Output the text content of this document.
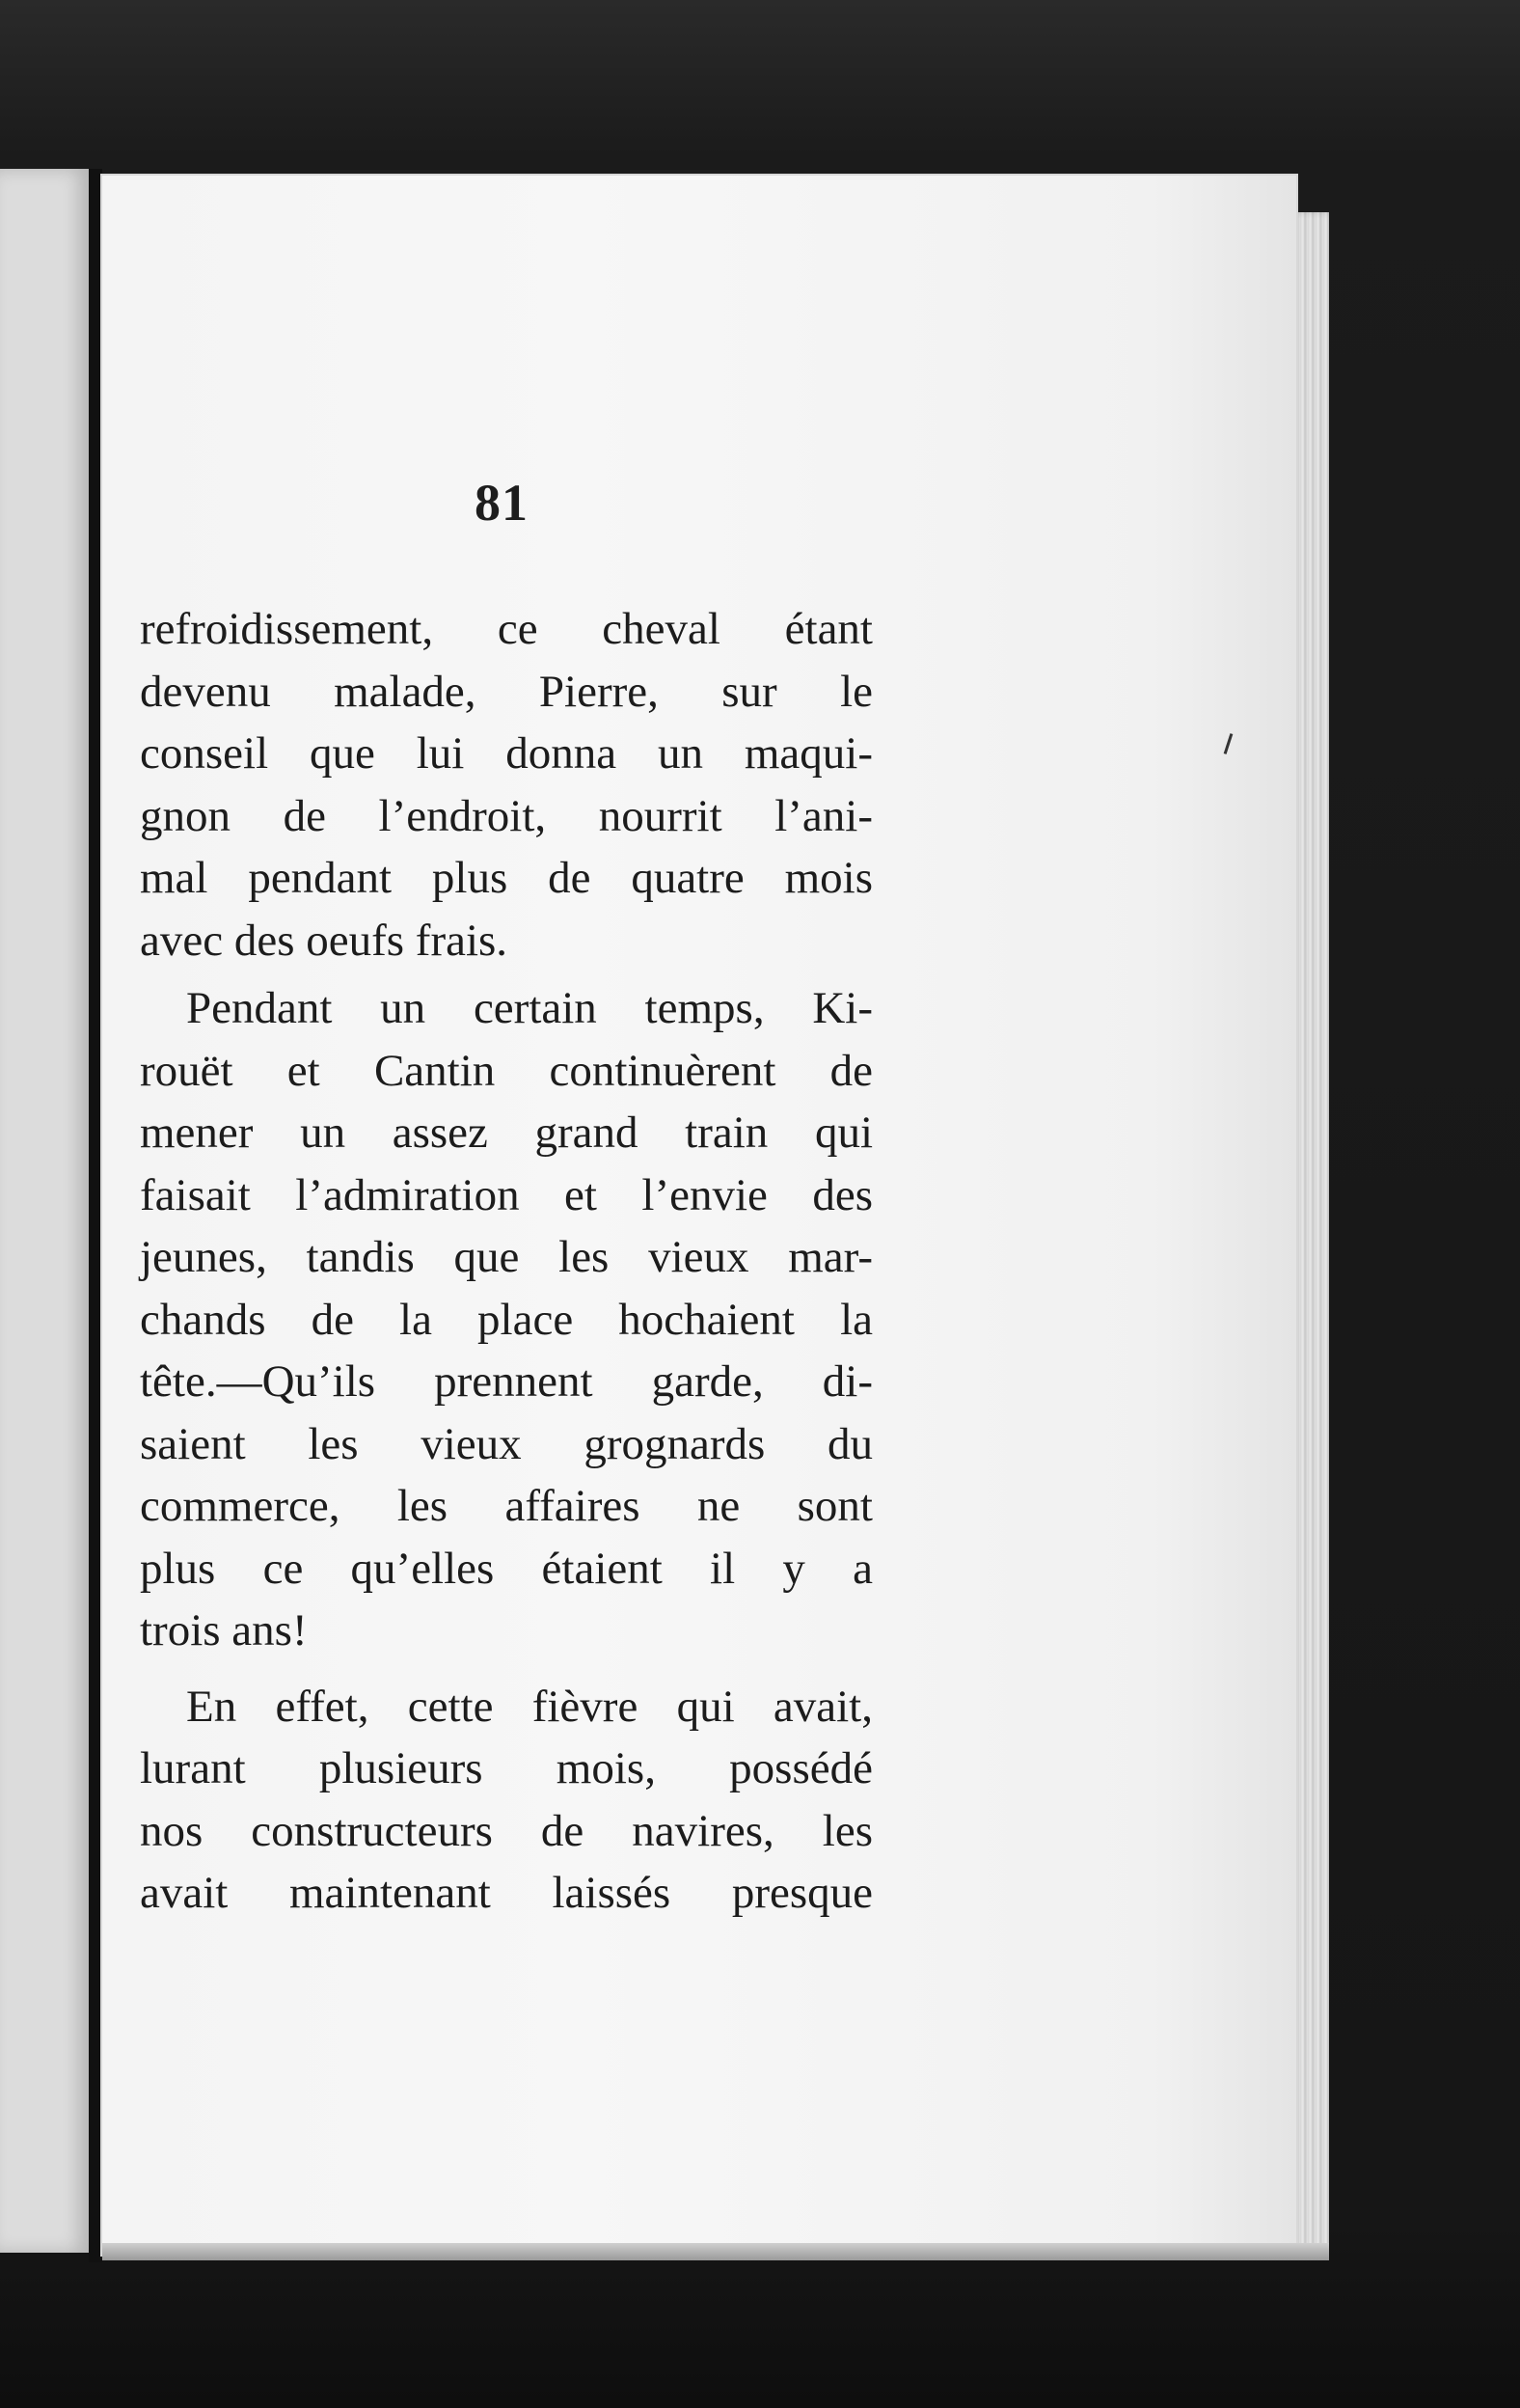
81
refroidissement, ce cheval étant
devenu malade, Pierre, sur le
conseil que lui donna un maqui-
gnon de l’endroit, nourrit l’ani-
mal pendant plus de quatre mois
avec des oeufs frais.
Pendant un certain temps, Ki-
rouët et Cantin continuèrent de
mener un assez grand train qui
faisait l’admiration et l’envie des
jeunes, tandis que les vieux mar-
chands de la place hochaient la
tête.—Qu’ils prennent garde, di-
saient les vieux grognards du
commerce, les affaires ne sont
plus ce qu’elles étaient il y a
trois ans!
En effet, cette fièvre qui avait,
lurant plusieurs mois, possédé
nos constructeurs de navires, les
avait maintenant laissés presque
